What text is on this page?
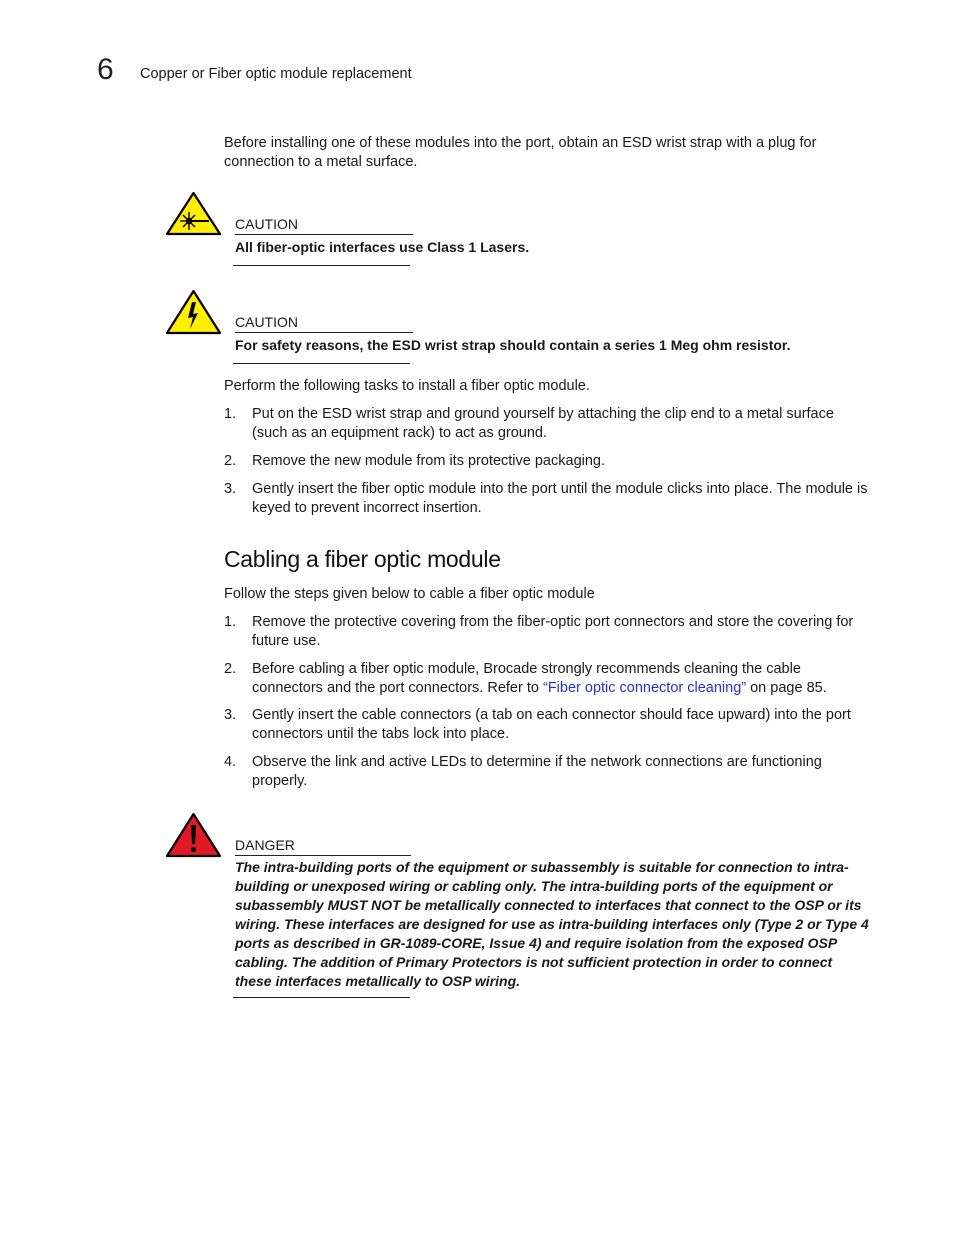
6 Copper or Fiber optic module replacement

Before installing one of these modules into the port, obtain an ESD wrist strap with a plug for connection to a metal surface.

CAUTION
All fiber-optic interfaces use Class 1 Lasers.
CAUTION
For safety reasons, the ESD wrist strap should contain a series 1 Meg ohm resistor.

Perform the following tasks to install a fiber optic module.

1. Put on the ESD wrist strap and ground yourself by attaching the clip end to a metal surface (such as an equipment rack) to act as ground.
2. Remove the new module from its protective packaging.
3. Gently insert the fiber optic module into the port until the module clicks into place. The module is keyed to prevent incorrect insertion.
Cabling a fiber optic module

Follow the steps given below to cable a fiber optic module

1. Remove the protective covering from the fiber-optic port connectors and store the covering for future use.
2. Before cabling a fiber optic module, Brocade strongly recommends cleaning the cable connectors and the port connectors. Refer to “Fiber optic connector cleaning” on page 85.
3. Gently insert the cable connectors (a tab on each connector should face upward) into the port connectors until the tabs lock into place.
4. Observe the link and active LEDs to determine if the network connections are functioning properly.
DANGER
The intra-building ports of the equipment or subassembly is suitable for connection to intra-building or unexposed wiring or cabling only. The intra-building ports of the equipment or subassembly MUST NOT be metallically connected to interfaces that connect to the OSP or its wiring. These interfaces are designed for use as intra-building interfaces only (Type 2 or Type 4 ports as described in GR-1089-CORE, Issue 4) and require isolation from the exposed OSP cabling. The addition of Primary Protectors is not sufficient protection in order to connect these interfaces metallically to OSP wiring.
